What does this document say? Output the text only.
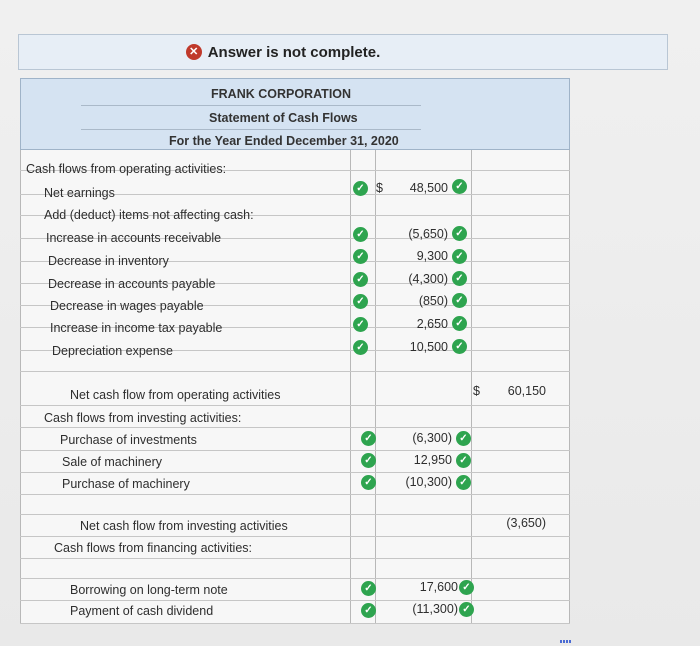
✕ Answer is not complete.
FRANK CORPORATION
Statement of Cash Flows
For the Year Ended December 31, 2020
Cash flows from operating activities:
Net earnings	✓ $ 48,500 ✓
Add (deduct) items not affecting cash:
Increase in accounts receivable	✓	(5,650) ✓
Decrease in inventory	✓	9,300 ✓
Decrease in accounts payable	✓	(4,300) ✓
Decrease in wages payable	✓	(850) ✓
Increase in income tax payable	✓	2,650 ✓
Depreciation expense	✓	10,500 ✓
Net cash flow from operating activities	$ 60,150
Cash flows from investing activities:
Purchase of investments	✓	(6,300) ✓
Sale of machinery	✓	12,950 ✓
Purchase of machinery	✓	(10,300) ✓
Net cash flow from investing activities	(3,650)
Cash flows from financing activities:
Borrowing on long-term note	✓	17,600 ✓
Payment of cash dividend	✓	(11,300) ✓
